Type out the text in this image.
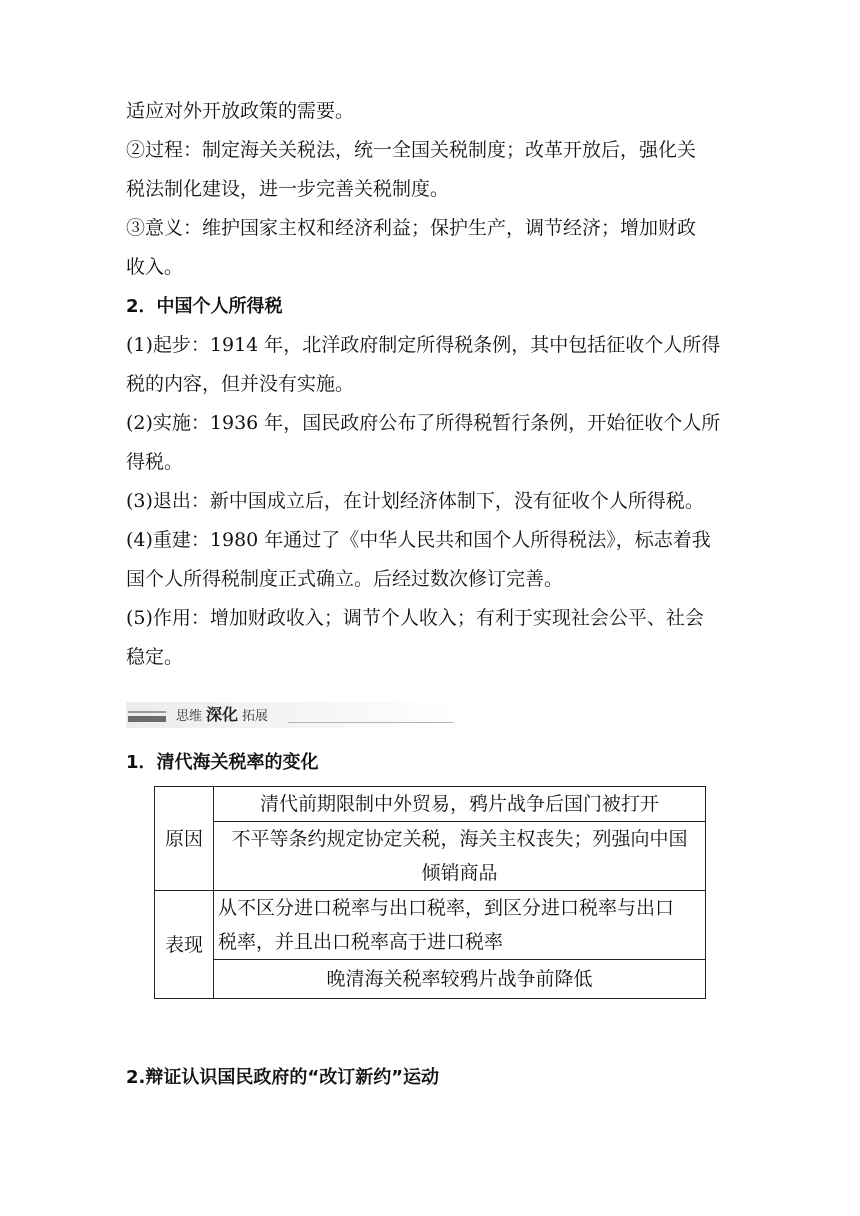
适应对外开放政策的需要。

②过程：制定海关关税法，统一全国关税制度；改革开放后，强化关

税法制化建设，进一步完善关税制度。

③意义：维护国家主权和经济利益；保护生产，调节经济；增加财政

收入。

2．中国个人所得税

(1)起步：1914 年，北洋政府制定所得税条例，其中包括征收个人所得

税的内容，但并没有实施。

(2)实施：1936 年，国民政府公布了所得税暂行条例，开始征收个人所

得税。

(3)退出：新中国成立后，在计划经济体制下，没有征收个人所得税。

(4)重建：1980 年通过了《中华人民共和国个人所得税法》，标志着我

国个人所得税制度正式确立。后经过数次修订完善。

(5)作用：增加财政收入；调节个人收入；有利于实现社会公平、社会

稳定。

思维 深化 拓展
1．清代海关税率的变化
原因	清代前期限制中外贸易，鸦片战争后国门被打开

	不平等条约规定协定关税，海关主权丧失；列强向中国
倾销商品

表现	从不区分进口税率与出口税率，到区分进口税率与出口
税率，并且出口税率高于进口税率

	晚清海关税率较鸦片战争前降低
2.辩证认识国民政府的“改订新约”运动
